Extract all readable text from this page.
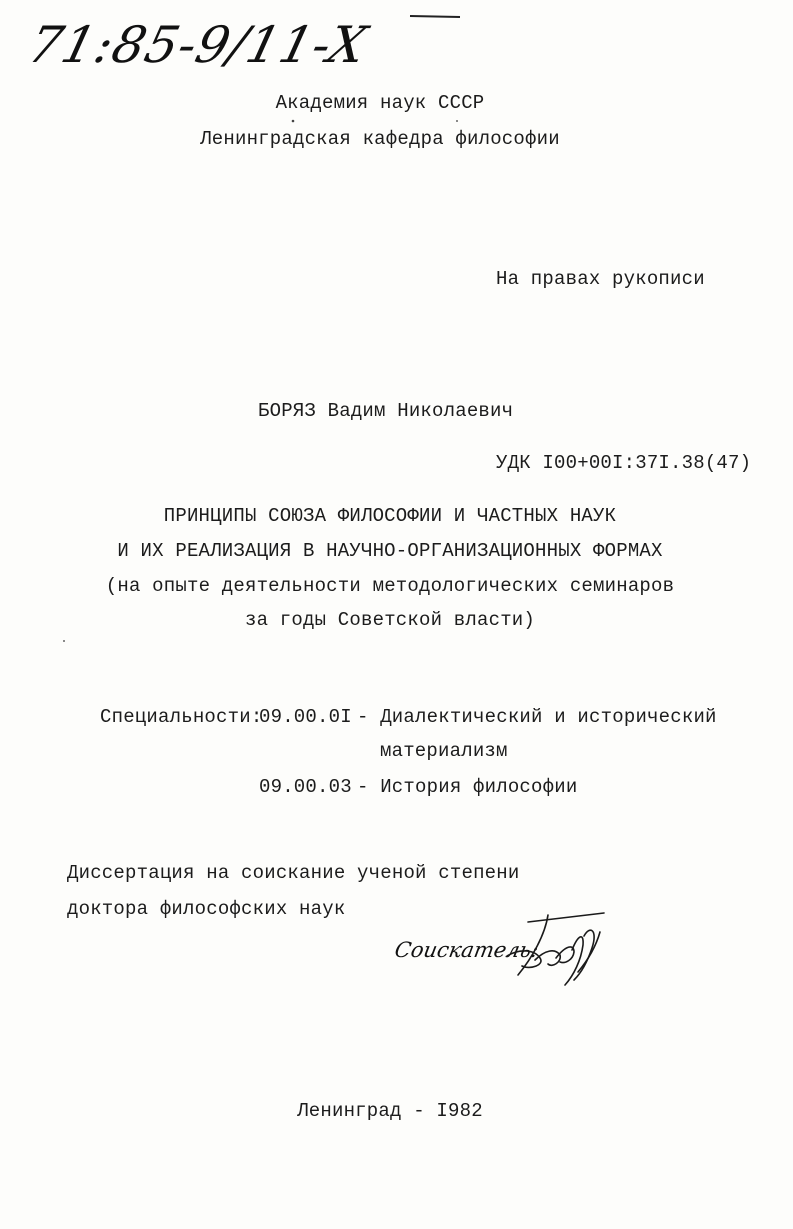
71:85-9/11-X
Академия наук СССР
Ленинградская кафедра философии
На правах рукописи
БОРЯЗ Вадим Николаевич
УДК I00+00I:37I.38(47)
ПРИНЦИПЫ СОЮЗА ФИЛОСОФИИ И ЧАСТНЫХ НАУК
И ИХ РЕАЛИЗАЦИЯ В НАУЧНО-ОРГАНИЗАЦИОННЫХ ФОРМАХ
(на опыте деятельности методологических семинаров
за годы Советской власти)
Специальности:
09.00.0I - Диалектический и исторический
материализм
09.00.03 - История философии
Диссертация на соискание ученой степени
доктора философских наук
Соискатель:
Ленинград - I982
